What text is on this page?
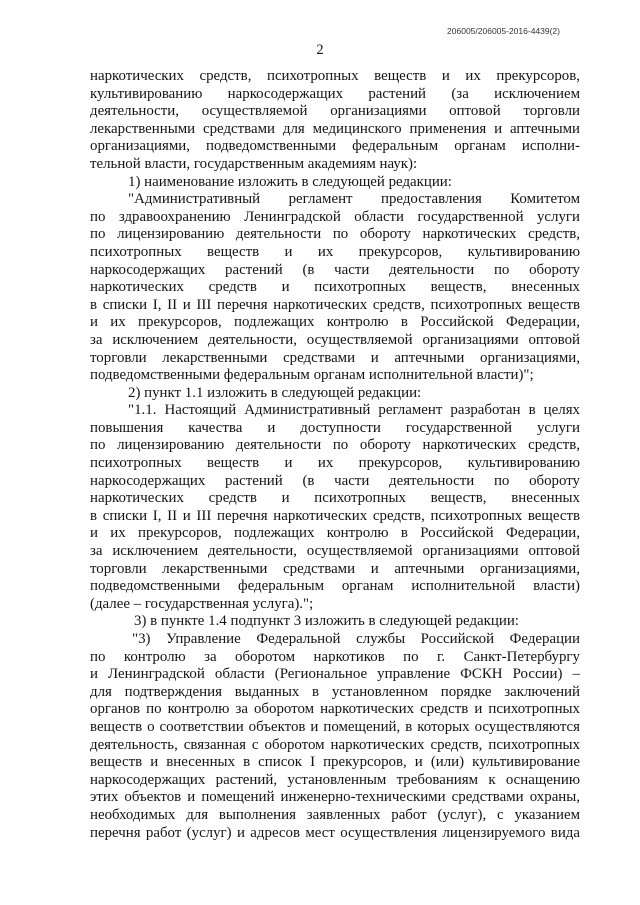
206005/206005-2016-4439(2)
2
наркотических средств, психотропных веществ и их прекурсоров,
культивированию наркосодержащих растений (за исключением
деятельности, осуществляемой организациями оптовой торговли
лекарственными средствами для медицинского применения и аптечными
организациями, подведомственными федеральным органам исполни-
тельной власти, государственным академиям наук):
1) наименование изложить в следующей редакции:
"Административный регламент предоставления Комитетом
по здравоохранению Ленинградской области государственной услуги
по лицензированию деятельности по обороту наркотических средств,
психотропных веществ и их прекурсоров, культивированию
наркосодержащих растений (в части деятельности по обороту
наркотических средств и психотропных веществ, внесенных
в списки I, II и III перечня наркотических средств, психотропных веществ
и их прекурсоров, подлежащих контролю в Российской Федерации,
за исключением деятельности, осуществляемой организациями оптовой
торговли лекарственными средствами и аптечными организациями,
подведомственными федеральным органам исполнительной власти)";
2) пункт 1.1 изложить в следующей редакции:
"1.1. Настоящий Административный регламент разработан в целях
повышения качества и доступности государственной услуги
по лицензированию деятельности по обороту наркотических средств,
психотропных веществ и их прекурсоров, культивированию
наркосодержащих растений (в части деятельности по обороту
наркотических средств и психотропных веществ, внесенных
в списки I, II и III перечня наркотических средств, психотропных веществ
и их прекурсоров, подлежащих контролю в Российской Федерации,
за исключением деятельности, осуществляемой организациями оптовой
торговли лекарственными средствами и аптечными организациями,
подведомственными федеральным органам исполнительной власти)
(далее – государственная услуга).";
3) в пункте 1.4 подпункт 3 изложить в следующей редакции:
"3) Управление Федеральной службы Российской Федерации
по контролю за оборотом наркотиков по г. Санкт-Петербургу
и Ленинградской области (Региональное управление ФСКН России) –
для подтверждения выданных в установленном порядке заключений
органов по контролю за оборотом наркотических средств и психотропных
веществ о соответствии объектов и помещений, в которых осуществляются
деятельность, связанная с оборотом наркотических средств, психотропных
веществ и внесенных в список I прекурсоров, и (или) культивирование
наркосодержащих растений, установленным требованиям к оснащению
этих объектов и помещений инженерно-техническими средствами охраны,
необходимых для выполнения заявленных работ (услуг), с указанием
перечня работ (услуг) и адресов мест осуществления лицензируемого вида
